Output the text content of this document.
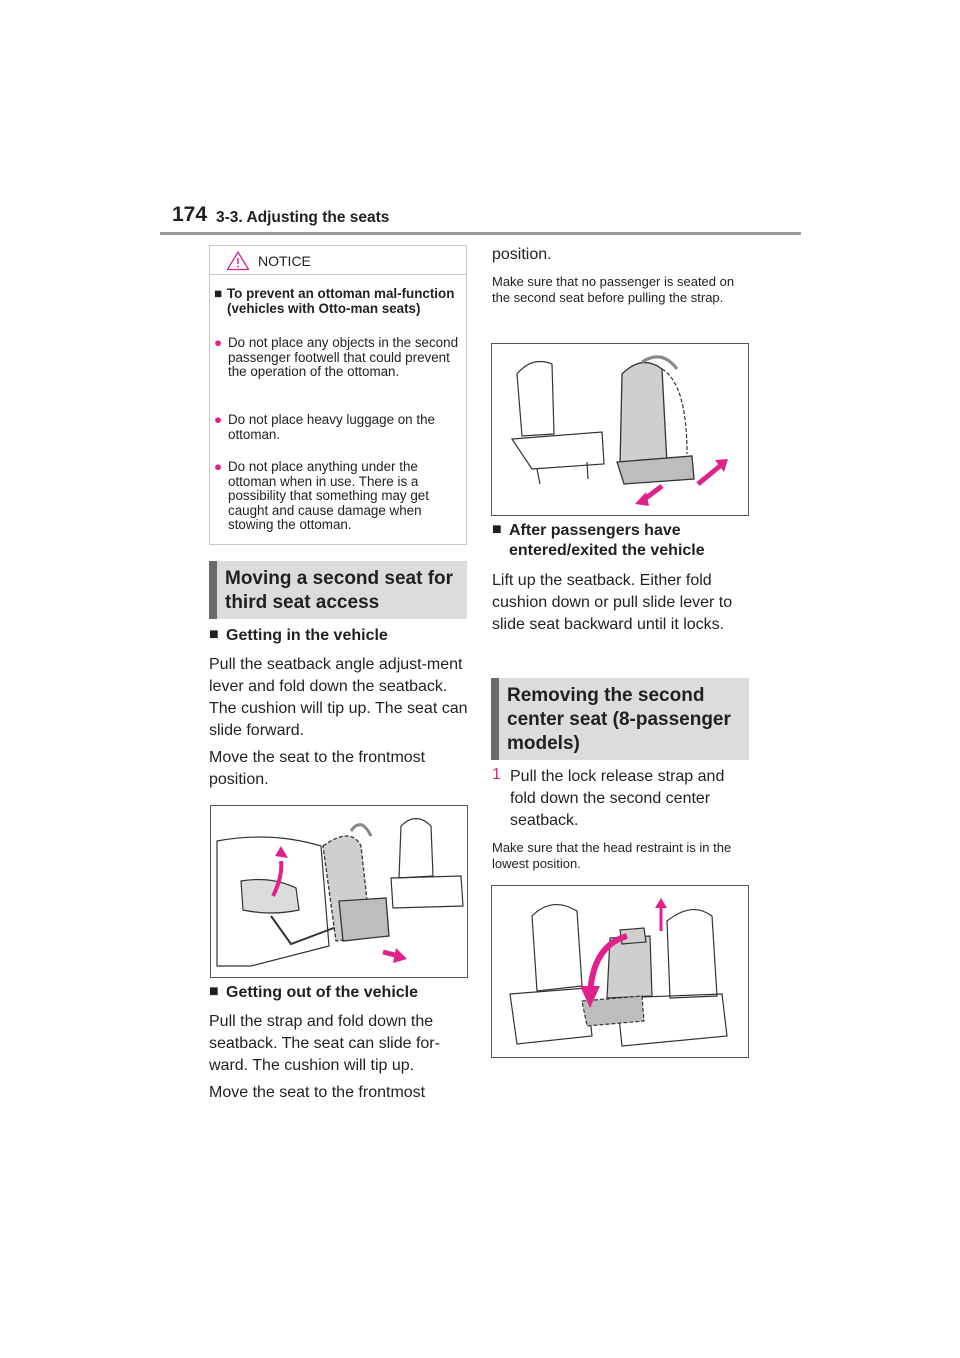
174 3-3. Adjusting the seats
NOTICE
■ To prevent an ottoman mal-function (vehicles with Otto-man seats)
● Do not place any objects in the second passenger footwell that could prevent the operation of the ottoman.
● Do not place heavy luggage on the ottoman.
● Do not place anything under the ottoman when in use. There is a possibility that something may get caught and cause damage when stowing the ottoman.
Moving a second seat for third seat access
■ Getting in the vehicle
Pull the seatback angle adjust-ment lever and fold down the seatback. The cushion will tip up. The seat can slide forward.
Move the seat to the frontmost position.
■ Getting out of the vehicle
Pull the strap and fold down the seatback. The seat can slide for-ward. The cushion will tip up.
Move the seat to the frontmost
position.
Make sure that no passenger is seated on the second seat before pulling the strap.
■ After passengers have entered/exited the vehicle
Lift up the seatback. Either fold cushion down or pull slide lever to slide seat backward until it locks.
Removing the second center seat (8-passenger models)
1 Pull the lock release strap and fold down the second center seatback.
Make sure that the head restraint is in the lowest position.
